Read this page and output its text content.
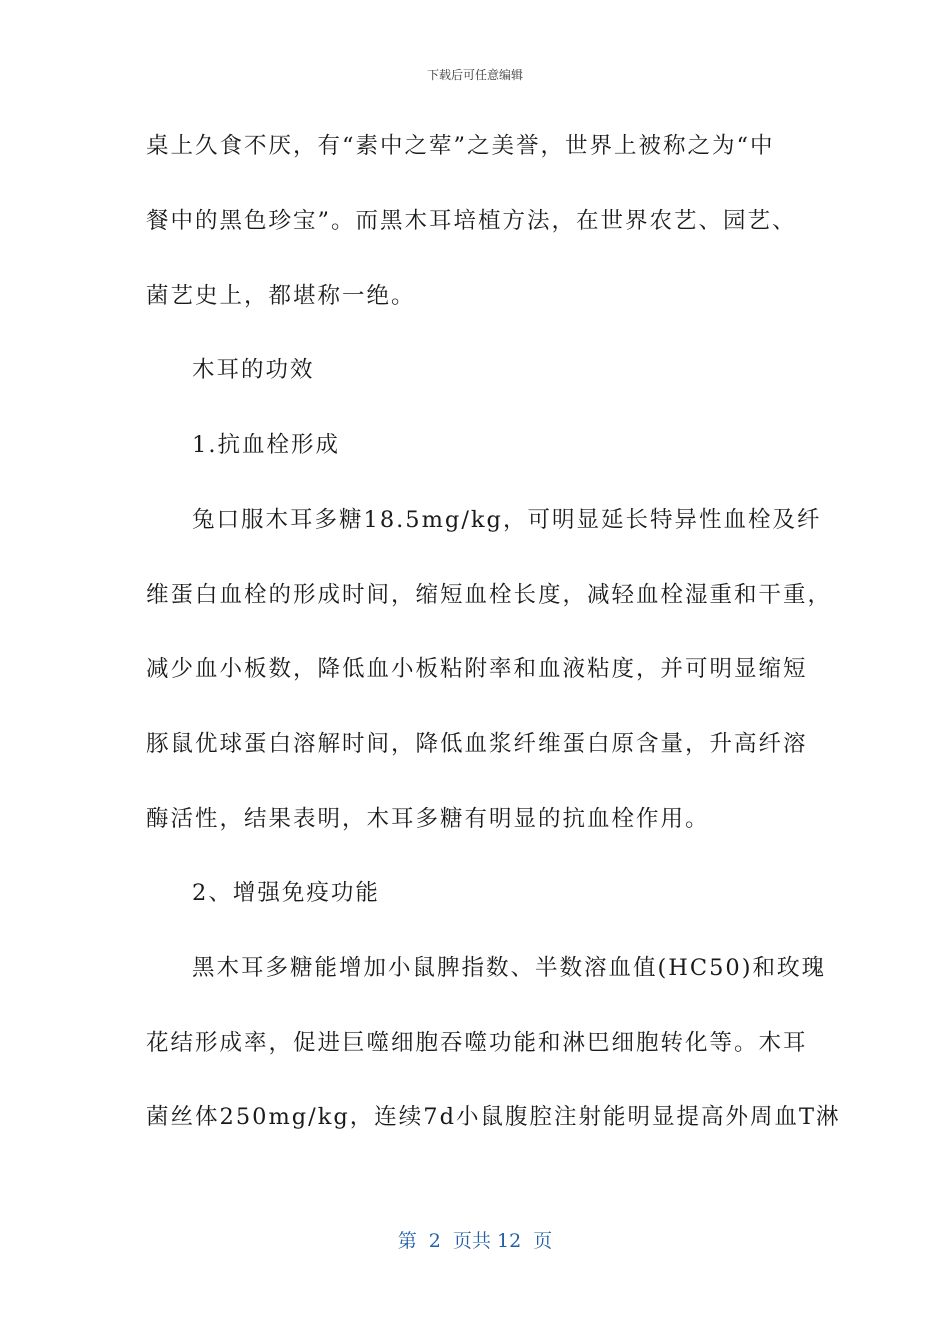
下载后可任意编辑
桌上久食不厌，有“素中之荤”之美誉，世界上被称之为“中
餐中的黑色珍宝”。而黑木耳培植方法，在世界农艺、园艺、
菌艺史上，都堪称一绝。
木耳的功效
1.抗血栓形成
兔口服木耳多糖18.5mg/kg，可明显延长特异性血栓及纤
维蛋白血栓的形成时间，缩短血栓长度，减轻血栓湿重和干重，
减少血小板数，降低血小板粘附率和血液粘度，并可明显缩短
豚鼠优球蛋白溶解时间，降低血浆纤维蛋白原含量，升高纤溶
酶活性，结果表明，木耳多糖有明显的抗血栓作用。
2、增强免疫功能
黑木耳多糖能增加小鼠脾指数、半数溶血值(HC50)和玫瑰
花结形成率，促进巨噬细胞吞噬功能和淋巴细胞转化等。木耳
菌丝体250mg/kg，连续7d小鼠腹腔注射能明显提高外周血T淋
第  2  页共 12  页
